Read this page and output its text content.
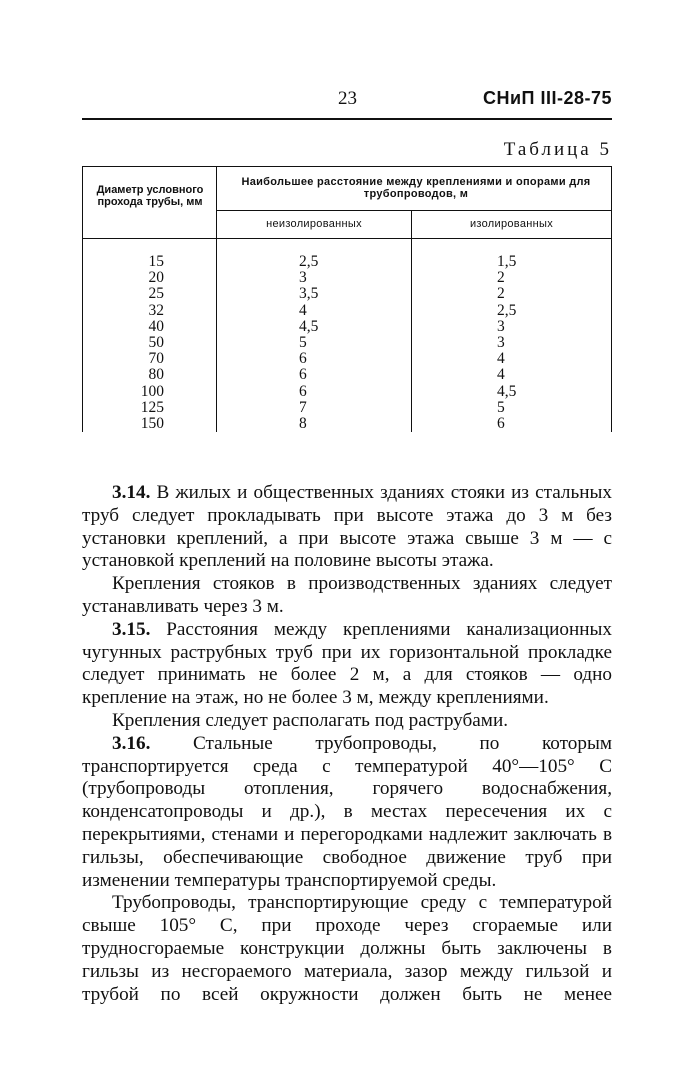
23	СНиП III-28-75
Таблица 5
Диаметр условного прохода трубы, мм
Наибольшее расстояние между креплениями и опорами для трубопроводов, м
неизолированных	изолированных
15
20
25
32
40
50
70
80
100
125
150
2,5
3
3,5
4
4,5
5
6
6
6
7
8
1,5
2
2
2,5
3
3
4
4
4,5
5
6

3.14. В жилых и общественных зданиях стояки из стальных труб следует прокладывать при высоте этажа до 3 м без установки креплений, а при высоте этажа свыше 3 м — с установкой креплений на половине высоты этажа.

Крепления стояков в производственных зданиях следует устанавливать через 3 м.

3.15. Расстояния между креплениями канализационных чугунных раструбных труб при их горизонтальной прокладке следует принимать не более 2 м, а для стояков — одно крепление на этаж, но не более 3 м, между креплениями.

Крепления следует располагать под раструбами.

3.16. Стальные трубопроводы, по которым транспортируется среда с температурой 40°—105° С (трубопроводы отопления, горячего водоснабжения, конденсатопроводы и др.), в местах пересечения их с перекрытиями, стенами и перегородками надлежит заключать в гильзы, обеспечивающие свободное движение труб при изменении температуры транспортируемой среды.

Трубопроводы, транспортирующие среду с температурой свыше 105° С, при проходе через сгораемые или трудносгораемые конструкции должны быть заключены в гильзы из несгораемого материала, зазор между гильзой и трубой по всей окружности должен быть не менее
